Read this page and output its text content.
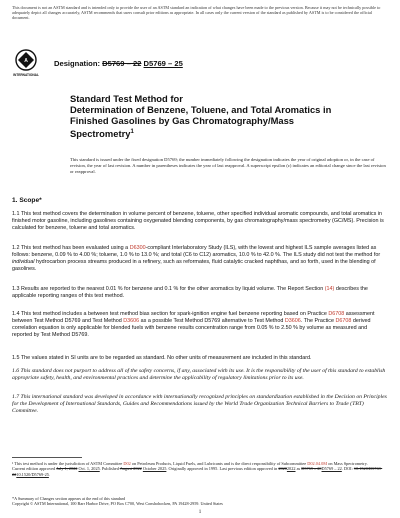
This document is not an ASTM standard and is intended only to provide the user of an ASTM standard an indication of what changes have been made to the previous version. Because it may not be technically possible to adequately depict all changes accurately, ASTM recommends that users consult prior editions as appropriate. In all cases only the current version of the standard as published by ASTM is to be considered the official document.
A
INTERNATIONAL
Designation: D5769 – 22 D5769 – 25
Standard Test Method for
Determination of Benzene, Toluene, and Total Aromatics in Finished Gasolines by Gas Chromatography/Mass Spectrometry$^1$
This standard is issued under the fixed designation D5769; the number immediately following the designation indicates the year of original adoption or, in the case of revision, the year of last revision. A number in parentheses indicates the year of last reapproval. A superscript epsilon (ε) indicates an editorial change since the last revision or reapproval.
1. Scope*
1.1 This test method covers the determination in volume percent of benzene, toluene, other specified individual aromatic compounds, and total aromatics in finished motor gasoline, including gasolines containing oxygenated blending components, by gas chromatography/mass spectrometry (GC/MS). Precision is calculated for benzene, toluene and total aromatics.
1.2 This test method has been evaluated using a D6300-compliant Interlaboratory Study (ILS), with the lowest and highest ILS sample averages listed as follows: benzene, 0.09 % to 4.00 %; toluene, 1.0 % to 13.0 %; and total (C6 to C12) aromatics, 10.0 % to 42.0 %. The ILS study did not test the method for individual hydrocarbon process streams produced in a refinery, such as reformates, fluid catalytic cracked naphthas, and so forth, used in the blending of gasolines.
1.3 Results are reported to the nearest 0.01 % for benzene and 0.1 % for the other aromatics by liquid volume. The Report Section (14) describes the applicable reporting ranges of this test method.
1.4 This test method includes a between test method bias section for spark-ignition engine fuel benzene reporting based on Practice D6708 assessment between Test Method D5769 and Test Method D3606 as a possible Test Method D5769 alternative to Test Method D3606. The Practice D6708 derived correlation equation is only applicable for blended fuels with benzene results concentration range from 0.05 % to 2.50 % by volume as measured and reported by Test Method D5769.
1.5 The values stated in SI units are to be regarded as standard. No other units of measurement are included in this standard.
1.6 This standard does not purport to address all of the safety concerns, if any, associated with its use. It is the responsibility of the user of this standard to establish appropriate safety, health, and environmental practices and determine the applicability of regulatory limitations prior to its use.
1.7 This international standard was developed in accordance with internationally recognized principles on standardization established in the Decision on Principles for the Development of International Standards, Guides and Recommendations issued by the World Trade Organization Technical Barriers to Trade (TBT) Committee.
¹ This test method is under the jurisdiction of ASTM Committee D02 on Petroleum Products, Liquid Fuels, and Lubricants and is the direct responsibility of Subcommittee D02.04.0M on Mass Spectrometry.
Current edition approved July 1, 2022 Oct. 1, 2025. Published August 2022 October 2025. Originally approved in 1995. Last previous edition approved in 20202022 as D5769 – 20D5769 – 22. DOI: 10.1520/D5769-2210.1520/D5769-25.
*A Summary of Changes section appears at the end of this standard
Copyright © ASTM International, 100 Barr Harbor Drive, PO Box C700, West Conshohocken, PA 19428-2959. United States
1
